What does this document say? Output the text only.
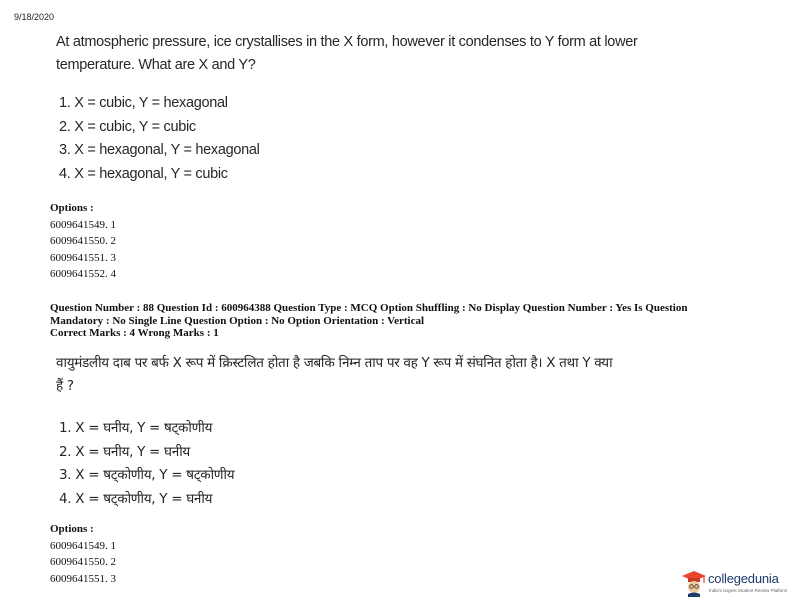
9/18/2020
At atmospheric pressure, ice crystallises in the X form, however it condenses to Y form at lower
temperature. What are X and Y?
1. X = cubic, Y = hexagonal
2. X = cubic, Y = cubic
3. X = hexagonal, Y = hexagonal
4. X = hexagonal, Y = cubic
Options :
6009641549. 1
6009641550. 2
6009641551. 3
6009641552. 4
Question Number : 88 Question Id : 600964388 Question Type : MCQ Option Shuffling : No Display Question Number : Yes Is Question
Mandatory : No Single Line Question Option : No Option Orientation : Vertical
Correct Marks : 4 Wrong Marks : 1
वायुमंडलीय दाब पर बर्फ X रूप में क्रिस्टलित होता है जबकि निम्न ताप पर वह Y रूप में संघनित होता है। X तथा Y क्या
हैं ?
1. X = घनीय, Y = षट्कोणीय
2. X = घनीय, Y = घनीय
3. X = षट्कोणीय, Y = षट्कोणीय
4. X = षट्कोणीय, Y = घनीय
Options :
6009641549. 1
6009641550. 2
6009641551. 3	collegedunia
India's largest Student Review Platform
